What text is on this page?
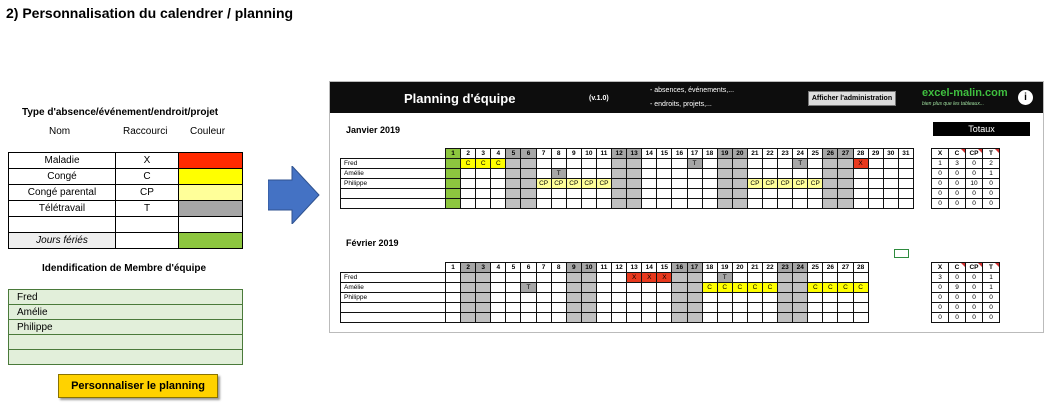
2) Personnalisation du calendrer / planning
Type d'absence/événement/endroit/projet
Nom	Raccourci Couleur
Maladie	X	
Congé	C	
Congé parental	CP	
Télétravail	T	

Jours fériés		
Idendification de Membre d'équipe
Fred
Amélie
Philippe

Personnaliser le planning
Planning d'équipe	(v.1.0)
- absences, événements,...
- endroits, projets,...
Afficher l'administration	excel-malin.com
bien plus que les tableaux...
i
Janvier 2019	Totaux
	1	2	3	4	5	6	7	8	9	10	11	12	13	14	15	16	17	18	19	20	21	22	23	24	25	26	27	28	29	30	31
Fred		C	C	C													T							T				X			
Amélie								T																							
Philippe							CP	CP	CP	CP	CP										CP	CP	CP	CP	CP						

X	C	CP	T
1	3	0	2
0	0	0	1
0	0	10	0
0	0	0	0
0	0	0	0
Février 2019
	1	2	3	4	5	6	7	8	9	10	11	12	13	14	15	16	17	18	19	20	21	22	23	24	25	26	27	28			
Fred													X	X	X				T												
Amélie						T												C	C	C	C	C			C	C	C	C			
Philippe																															

X	C	CP	T
3	0	0	1
0	9	0	1
0	0	0	0
0	0	0	0
0	0	0	0
